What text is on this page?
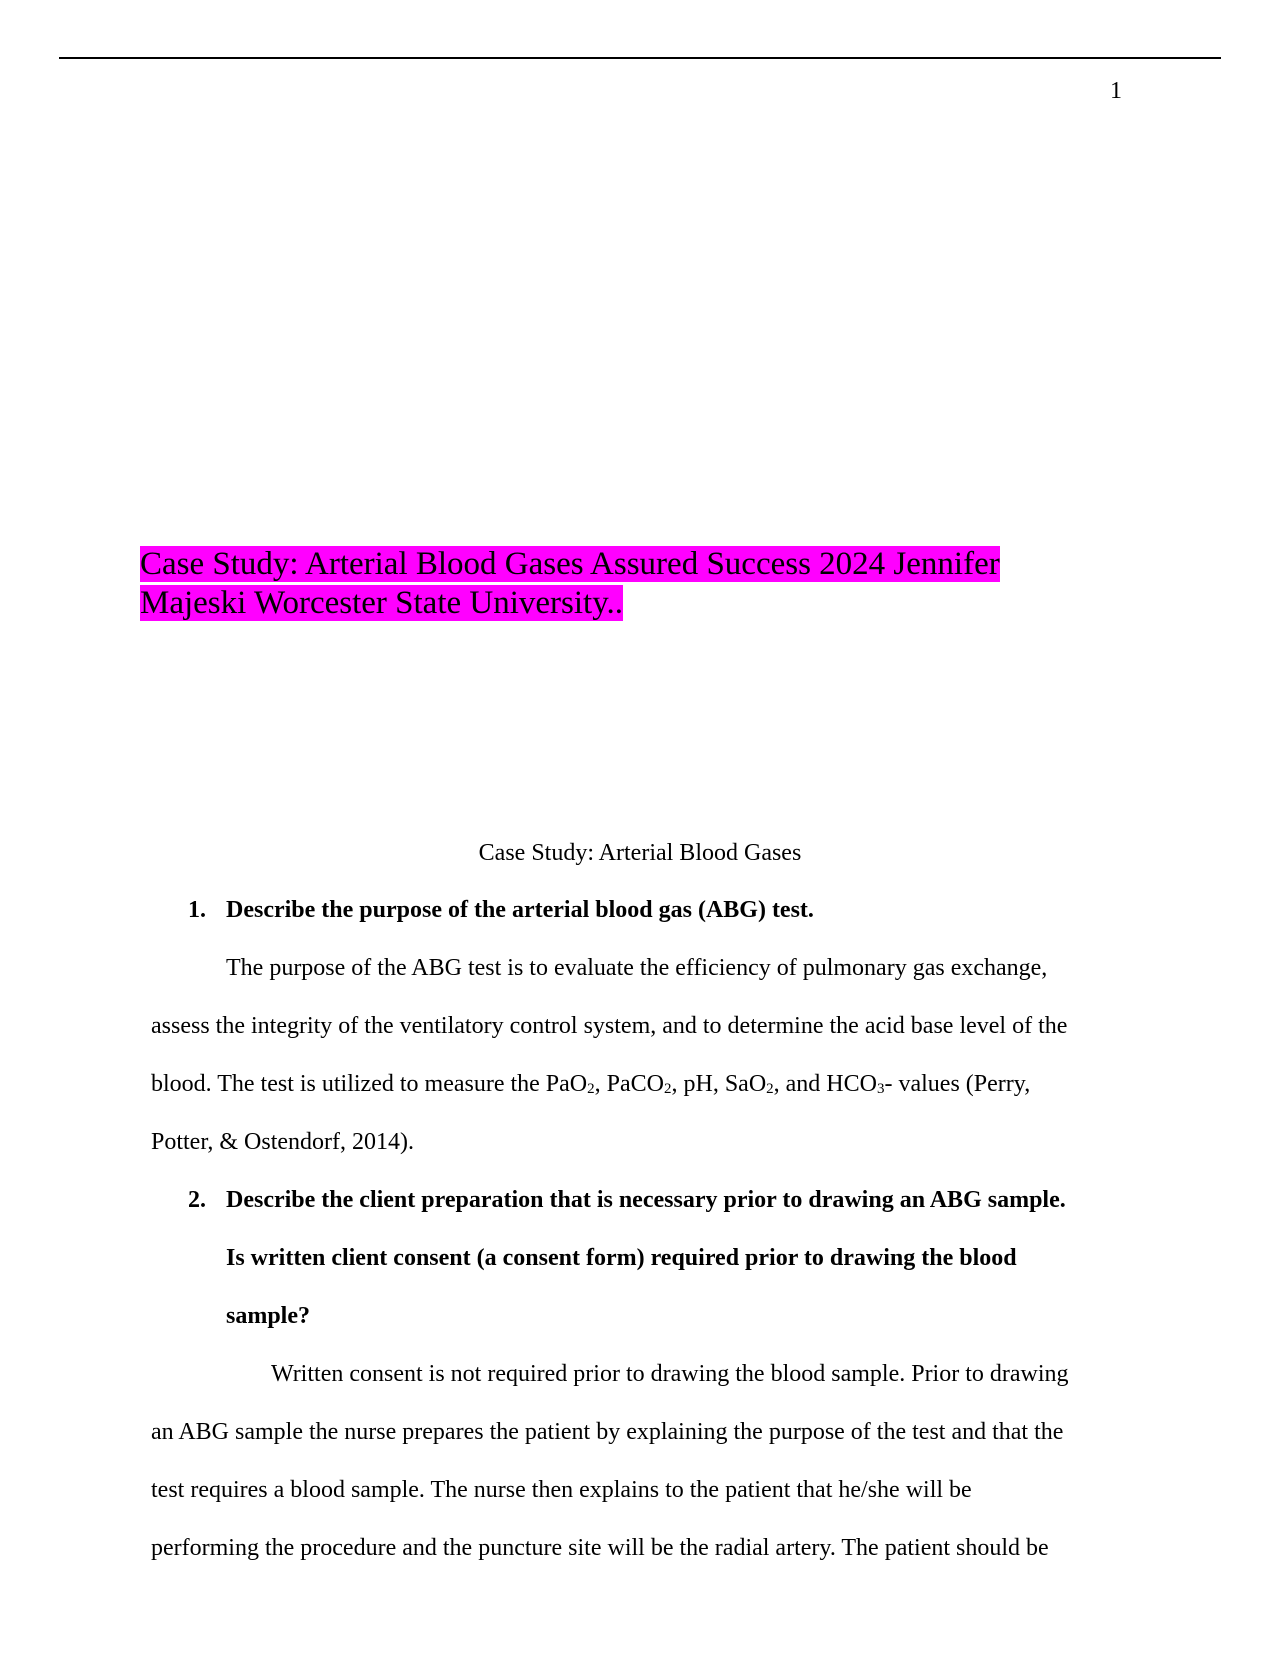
1
Case Study: Arterial Blood Gases Assured Success 2024 Jennifer
Majeski Worcester State University..
Case Study: Arterial Blood Gases
1. Describe the purpose of the arterial blood gas (ABG) test.
The purpose of the ABG test is to evaluate the efficiency of pulmonary gas exchange,
assess the integrity of the ventilatory control system, and to determine the acid base level of the
blood. The test is utilized to measure the PaO$_2$, PaCO$_2$, pH, SaO$_2$, and $HCO_3-$ values (Perry,
Potter, & Ostendorf, 2014).
2. Describe the client preparation that is necessary prior to drawing an ABG sample.
Is written client consent (a consent form) required prior to drawing the blood
sample?
Written consent is not required prior to drawing the blood sample. Prior to drawing
an ABG sample the nurse prepares the patient by explaining the purpose of the test and that the
test requires a blood sample. The nurse then explains to the patient that he/she will be
performing the procedure and the puncture site will be the radial artery. The patient should be
